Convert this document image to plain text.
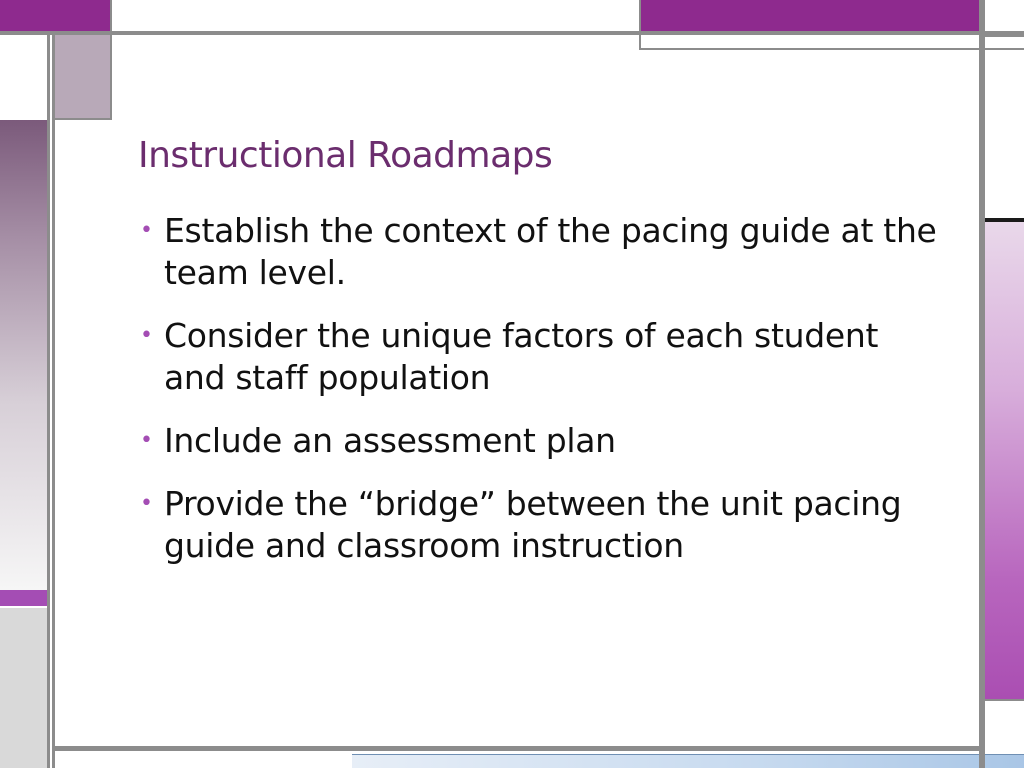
Instructional Roadmaps
• Establish the context of the pacing guide at the team level.
• Consider the unique factors of each student and staff population
• Include an assessment plan
• Provide the “bridge” between the unit pacing guide and classroom instruction
